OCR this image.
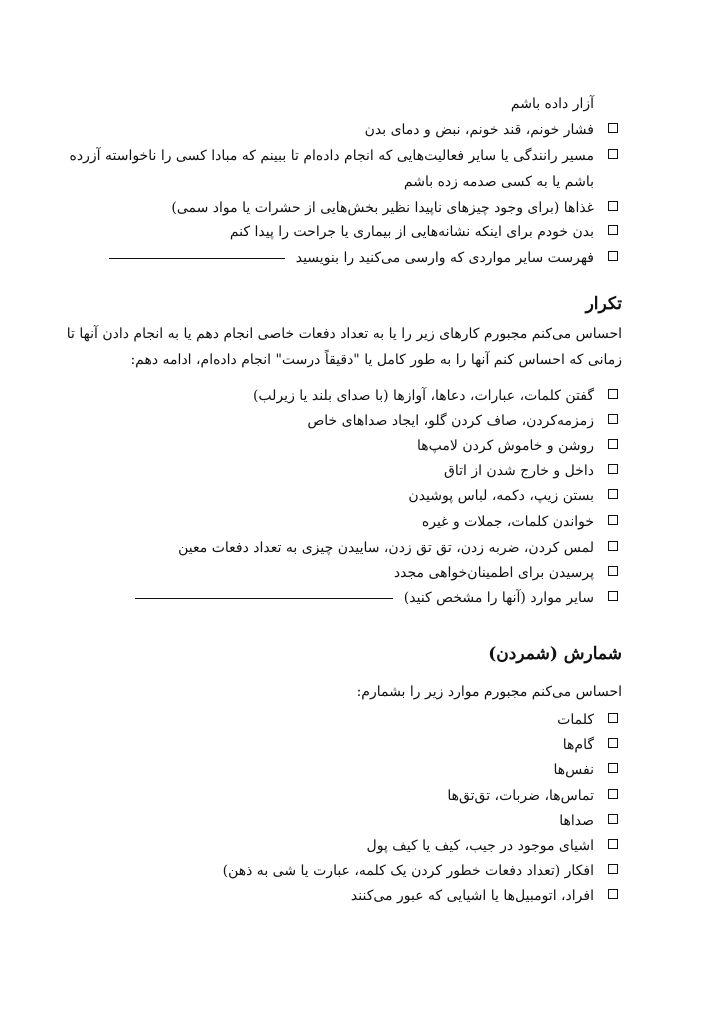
آزار داده باشم
فشار خونم، قند خونم، نبض و دمای بدن
مسیر رانندگی یا سایر فعالیت‌هایی که انجام داده‌ام تا ببینم که مبادا کسی را ناخواسته آزرده
باشم یا به کسی صدمه زده باشم
غذاها (برای وجود چیزهای ناپیدا نظیر بخش‌هایی از حشرات یا مواد سمی)
بدن خودم برای اینکه نشانه‌هایی از بیماری یا جراحت را پیدا کنم
فهرست سایر مواردی که وارسی می‌کنید را بنویسید
تکرار
احساس می‌کنم مجبورم کارهای زیر را یا به تعداد دفعات خاصی انجام دهم یا به انجام دادن آنها تا
زمانی که احساس کنم آنها را به طور کامل یا "دقیقاً درست" انجام داده‌ام، ادامه دهم:
گفتن کلمات، عبارات، دعاها، آوازها (با صدای بلند یا زیرلب)
زمزمه‌کردن، صاف کردن گلو، ایجاد صداهای خاص
روشن و خاموش کردن لامپ‌ها
داخل و خارج شدن از اتاق
بستن زیپ، دکمه، لباس پوشیدن
خواندن کلمات، جملات و غیره
لمس کردن، ضربه زدن، تق تق زدن، ساییدن چیزی به تعداد دفعات معین
پرسیدن برای اطمینان‌خواهی مجدد
سایر موارد (آنها را مشخص کنید)
شمارش (شمردن)
احساس می‌کنم مجبورم موارد زیر را بشمارم:
کلمات
گام‌ها
نفس‌ها
تماس‌ها، ضربات، تق‌تق‌ها
صداها
اشیای موجود در جیب، کیف یا کیف پول
افکار (تعداد دفعات خطور کردن یک کلمه، عبارت یا شی به ذهن)
افراد، اتومبیل‌ها یا اشیایی که عبور می‌کنند
